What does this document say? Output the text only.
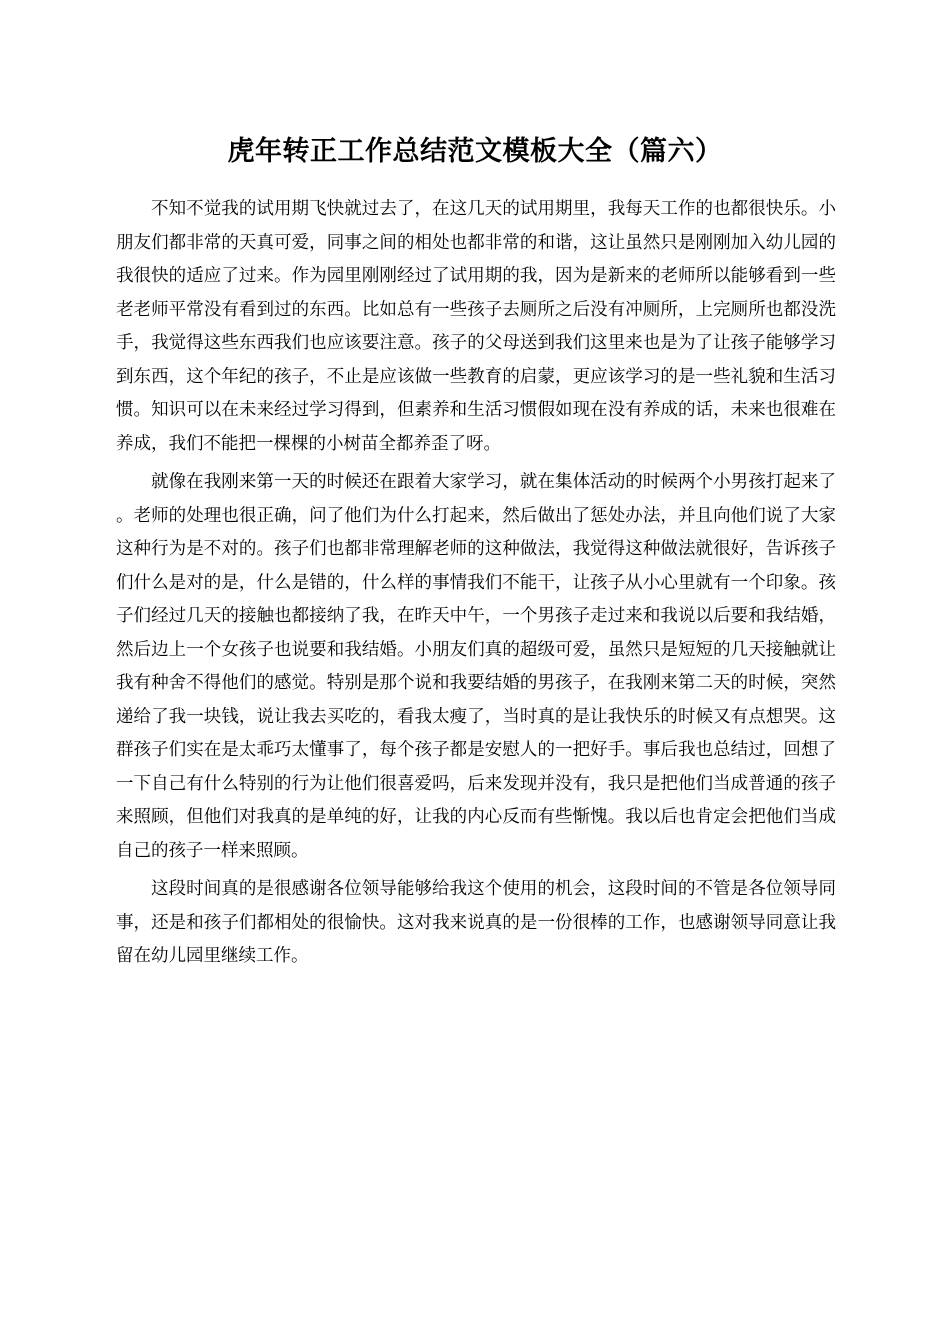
虎年转正工作总结范文模板大全（篇六）

不知不觉我的试用期飞快就过去了，在这几天的试用期里，我每天工作的也都很快乐。小朋友们都非常的天真可爱，同事之间的相处也都非常的和谐，这让虽然只是刚刚加入幼儿园的我很快的适应了过来。作为园里刚刚经过了试用期的我，因为是新来的老师所以能够看到一些老老师平常没有看到过的东西。比如总有一些孩子去厕所之后没有冲厕所，上完厕所也都没洗手，我觉得这些东西我们也应该要注意。孩子的父母送到我们这里来也是为了让孩子能够学习到东西，这个年纪的孩子，不止是应该做一些教育的启蒙，更应该学习的是一些礼貌和生活习惯。知识可以在未来经过学习得到，但素养和生活习惯假如现在没有养成的话，未来也很难在养成，我们不能把一棵棵的小树苗全都养歪了呀。

就像在我刚来第一天的时候还在跟着大家学习，就在集体活动的时候两个小男孩打起来了。老师的处理也很正确，问了他们为什么打起来，然后做出了惩处办法，并且向他们说了大家这种行为是不对的。孩子们也都非常理解老师的这种做法，我觉得这种做法就很好，告诉孩子们什么是对的是，什么是错的，什么样的事情我们不能干，让孩子从小心里就有一个印象。孩子们经过几天的接触也都接纳了我，在昨天中午，一个男孩子走过来和我说以后要和我结婚，然后边上一个女孩子也说要和我结婚。小朋友们真的超级可爱，虽然只是短短的几天接触就让我有种舍不得他们的感觉。特别是那个说和我要结婚的男孩子，在我刚来第二天的时候，突然递给了我一块钱，说让我去买吃的，看我太瘦了，当时真的是让我快乐的时候又有点想哭。这群孩子们实在是太乖巧太懂事了，每个孩子都是安慰人的一把好手。事后我也总结过，回想了一下自己有什么特别的行为让他们很喜爱吗，后来发现并没有，我只是把他们当成普通的孩子来照顾，但他们对我真的是单纯的好，让我的内心反而有些惭愧。我以后也肯定会把他们当成自己的孩子一样来照顾。

这段时间真的是很感谢各位领导能够给我这个使用的机会，这段时间的不管是各位领导同事，还是和孩子们都相处的很愉快。这对我来说真的是一份很棒的工作，也感谢领导同意让我留在幼儿园里继续工作。
